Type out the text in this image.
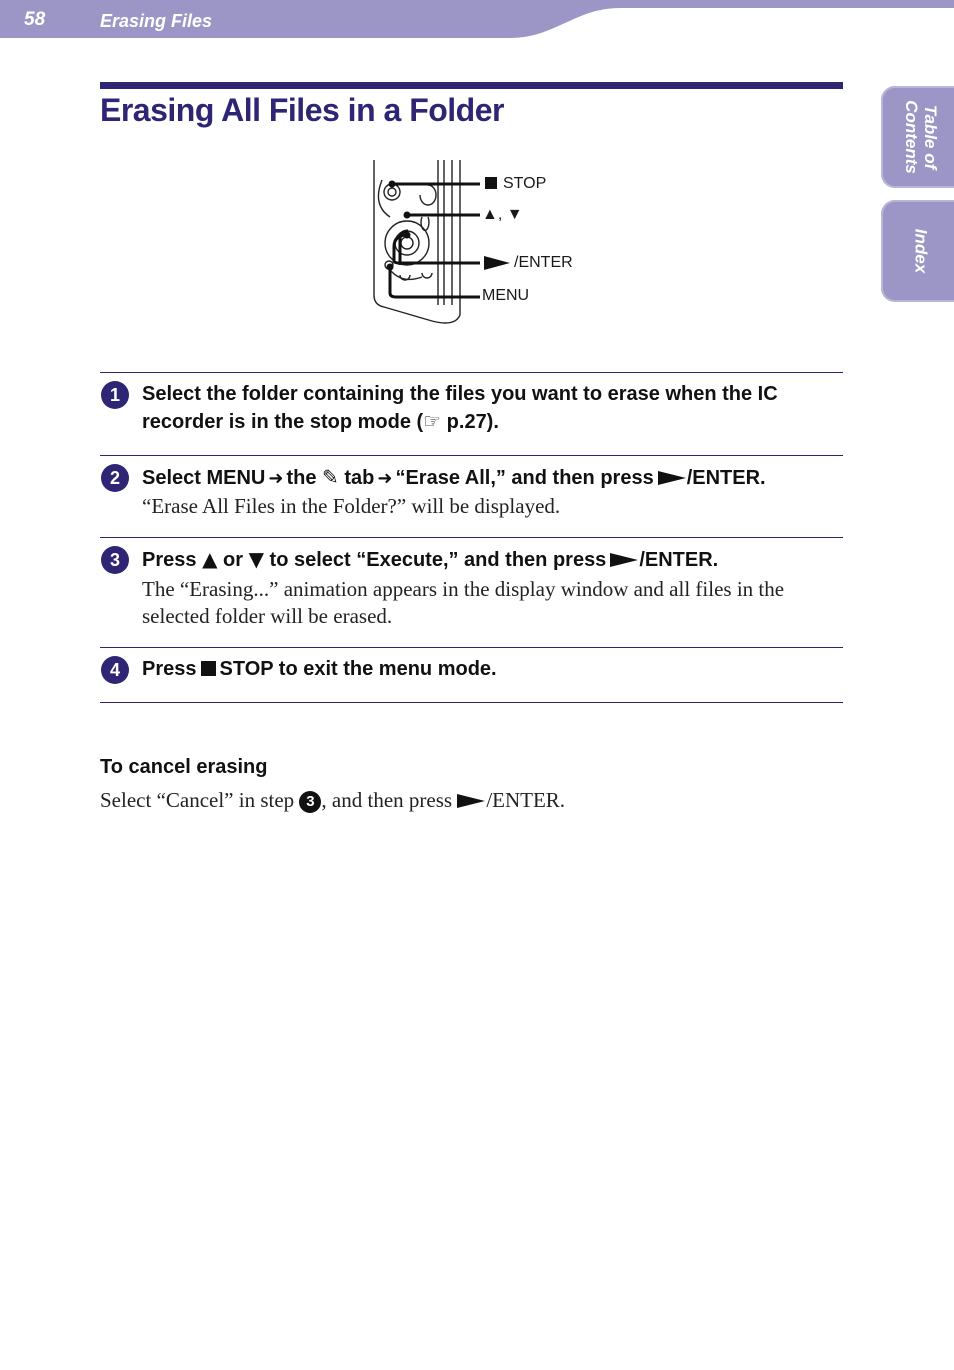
58	Erasing Files
Table of
Contents
Index
Erasing All Files in a Folder
STOP
▲, ▼
/ENTER
MENU
1	Select the folder containing the files you want to erase when the IC recorder is in the stop mode (☞ p.27).
2	Select MENU ➜ the ✎ tab ➜ “Erase All,” and then press /ENTER.
“Erase All Files in the Folder?” will be displayed.
3	Press ▲ or ▼ to select “Execute,” and then press /ENTER.
The “Erasing...” animation appears in the display window and all files in the selected folder will be erased.
4	Press STOP to exit the menu mode.
To cancel erasing
Select “Cancel” in step 3 , and then press /ENTER.
